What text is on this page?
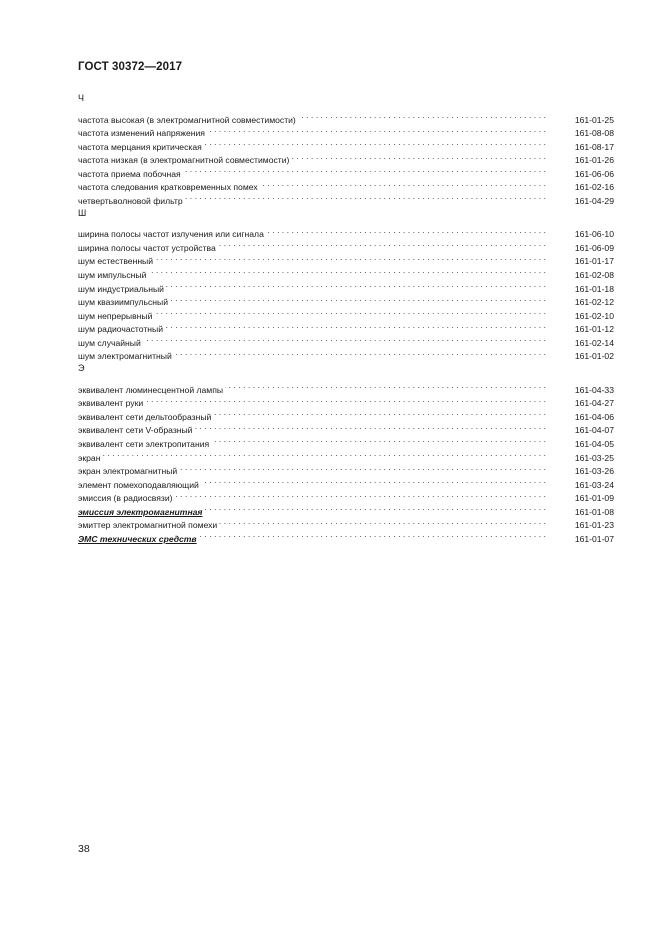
ГОСТ 30372—2017
Ч
частота высокая (в электромагнитной совместимости) . . .	161-01-25
частота изменений напряжения . . .	161-08-08
частота мерцания критическая . . .	161-08-17
частота низкая (в электромагнитной совместимости) . . .	161-01-26
частота приема побочная . . .	161-06-06
частота следования кратковременных помех . . .	161-02-16
четвертьволновой фильтр . . .	161-04-29
Ш
ширина полосы частот излучения или сигнала . . .	161-06-10
ширина полосы частот устройства . . .	161-06-09
шум естественный . . .	161-01-17
шум импульсный . . .	161-02-08
шум индустриальный . . .	161-01-18
шум квазиимпульсный . . .	161-02-12
шум непрерывный . . .	161-02-10
шум радиочастотный . . .	161-01-12
шум случайный . . .	161-02-14
шум электромагнитный . . .	161-01-02
Э
эквивалент люминесцентной лампы . . .	161-04-33
эквивалент руки . . .	161-04-27
эквивалент сети дельтообразный . . .	161-04-06
эквивалент сети V-образный . . .	161-04-07
эквивалент сети электропитания . . .	161-04-05
экран . . .	161-03-25
экран электромагнитный . . .	161-03-26
элемент помехоподавляющий . . .	161-03-24
эмиссия (в радиосвязи) . . .	161-01-09
эмиссия электромагнитная . . .	161-01-08
эмиттер электромагнитной помехи . . .	161-01-23
ЭМС технических средств . . .	161-01-07
38
